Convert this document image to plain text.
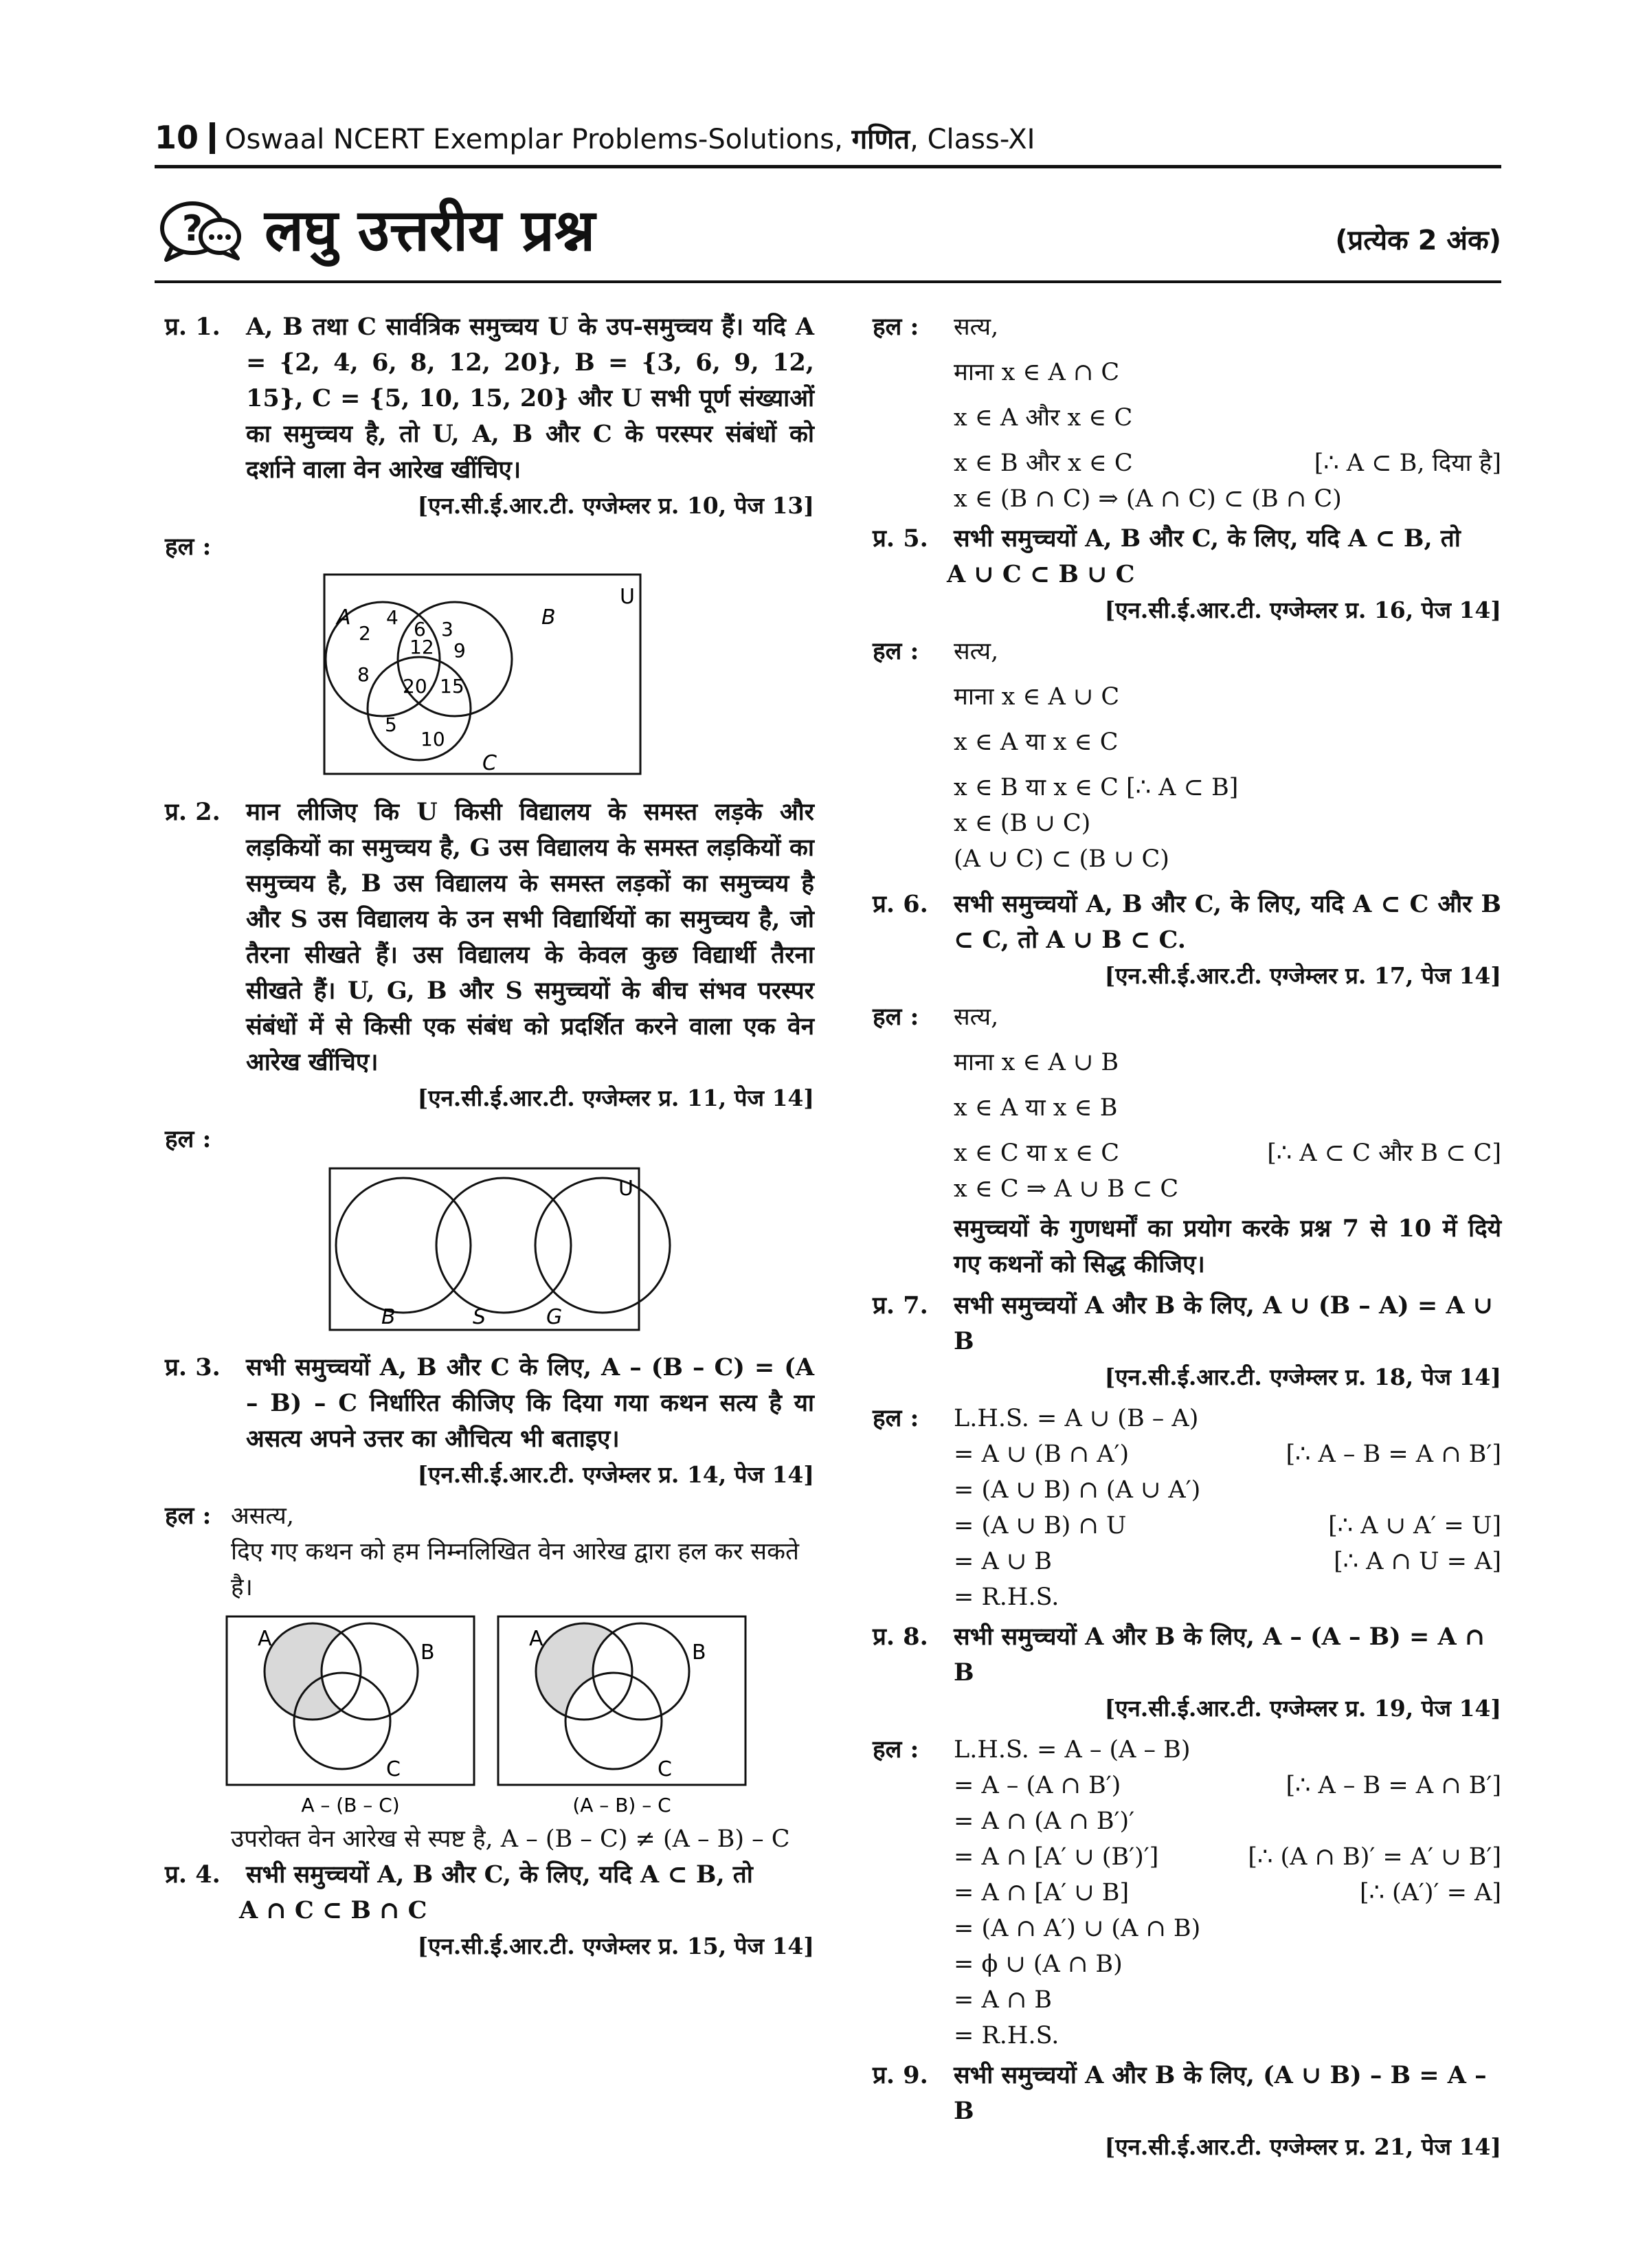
10 Oswaal NCERT Exemplar Problems-Solutions, गणित, Class-XI
? लघु उत्तरीय प्रश्न	(प्रत्येक 2 अंक)
प्र. 1. A, B तथा C सार्वत्रिक समुच्चय U के उप-समुच्चय हैं। यदि A = {2, 4, 6, 8, 12, 20}, B = {3, 6, 9, 12, 15}, C = {5, 10, 15, 20} और U सभी पूर्ण संख्याओं का समुच्चय है, तो U, A, B और C के परस्पर संबंधों को दर्शाने वाला वेन आरेख खींचिए।
[एन.सी.ई.आर.टी. एग्जेम्लर प्र. 10, पेज 13]
हल :
U
A	B
C
2
4
6 3
9
12
8
20 15
5
10
प्र. 2. मान लीजिए कि U किसी विद्यालय के समस्त लड़के और लड़कियों का समुच्चय है, G उस विद्यालय के समस्त लड़कियों का समुच्चय है, B उस विद्यालय के समस्त लड़कों का समुच्चय है और S उस विद्यालय के उन सभी विद्यार्थियों का समुच्चय है, जो तैरना सीखते हैं। उस विद्यालय के केवल कुछ विद्यार्थी तैरना सीखते हैं। U, G, B और S समुच्चयों के बीच संभव परस्पर संबंधों में से किसी एक संबंध को प्रदर्शित करने वाला एक वेन आरेख खींचिए।
[एन.सी.ई.आर.टी. एग्जेम्लर प्र. 11, पेज 14]
हल :
U
B	S	G
प्र. 3. सभी समुच्चयों A, B और C के लिए, A – (B – C) = (A – B) – C निर्धारित कीजिए कि दिया गया कथन सत्य है या असत्य अपने उत्तर का औचित्य भी बताइए।
[एन.सी.ई.आर.टी. एग्जेम्लर प्र. 14, पेज 14]
हल : असत्य,
दिए गए कथन को हम निम्नलिखित वेन आरेख द्वारा हल कर सकते है।
A
B
C
A – (B – C)
A
B
C
(A – B) – C
उपरोक्त वेन आरेख से स्पष्ट है, A – (B – C) ≠ (A – B) – C
प्र. 4. सभी समुच्चयों A, B और C, के लिए, यदि A ⊂ B, तो
A ∩ C ⊂ B ∩ C
[एन.सी.ई.आर.टी. एग्जेम्लर प्र. 15, पेज 14]
हल : सत्य,
माना x ∈ A ∩ C
x ∈ A और x ∈ C
x ∈ B और x ∈ C	[∴ A ⊂ B, दिया है]
x ∈ (B ∩ C) ⇒ (A ∩ C) ⊂ (B ∩ C)
प्र. 5. सभी समुच्चयों A, B और C, के लिए, यदि A ⊂ B, तो
A ∪ C ⊂ B ∪ C
[एन.सी.ई.आर.टी. एग्जेम्लर प्र. 16, पेज 14]
हल : सत्य,
माना x ∈ A ∪ C
x ∈ A या x ∈ C
x ∈ B या x ∈ C [∴ A ⊂ B]
x ∈ (B ∪ C)
(A ∪ C) ⊂ (B ∪ C)
प्र. 6. सभी समुच्चयों A, B और C, के लिए, यदि A ⊂ C और B ⊂ C, तो A ∪ B ⊂ C.
[एन.सी.ई.आर.टी. एग्जेम्लर प्र. 17, पेज 14]
हल : सत्य,
माना x ∈ A ∪ B
x ∈ A या x ∈ B
x ∈ C या x ∈ C	[∴ A ⊂ C और B ⊂ C]
x ∈ C ⇒ A ∪ B ⊂ C
समुच्चयों के गुणधर्मों का प्रयोग करके प्रश्न 7 से 10 में दिये गए कथनों को सिद्ध कीजिए।
प्र. 7. सभी समुच्चयों A और B के लिए, A ∪ (B – A) = A ∪ B
[एन.सी.ई.आर.टी. एग्जेम्लर प्र. 18, पेज 14]
हल : L.H.S. = A ∪ (B – A)
= A ∪ (B ∩ A′)	[∴ A – B = A ∩ B′]
= (A ∪ B) ∩ (A ∪ A′)
= (A ∪ B) ∩ U	[∴ A ∪ A′ = U]
= A ∪ B	[∴ A ∩ U = A]
= R.H.S.
प्र. 8. सभी समुच्चयों A और B के लिए, A – (A – B) = A ∩ B
[एन.सी.ई.आर.टी. एग्जेम्लर प्र. 19, पेज 14]
हल : L.H.S. = A – (A – B)
= A – (A ∩ B′)	[∴ A – B = A ∩ B′]
= A ∩ (A ∩ B′)′
= A ∩ [A′ ∪ (B′)′]	[∴ (A ∩ B)′ = A′ ∪ B′]
= A ∩ [A′ ∪ B]	[∴ (A′)′ = A]
= (A ∩ A′) ∪ (A ∩ B)
= ϕ ∪ (A ∩ B)
= A ∩ B
= R.H.S.
प्र. 9. सभी समुच्चयों A और B के लिए, (A ∪ B) – B = A – B
[एन.सी.ई.आर.टी. एग्जेम्लर प्र. 21, पेज 14]
